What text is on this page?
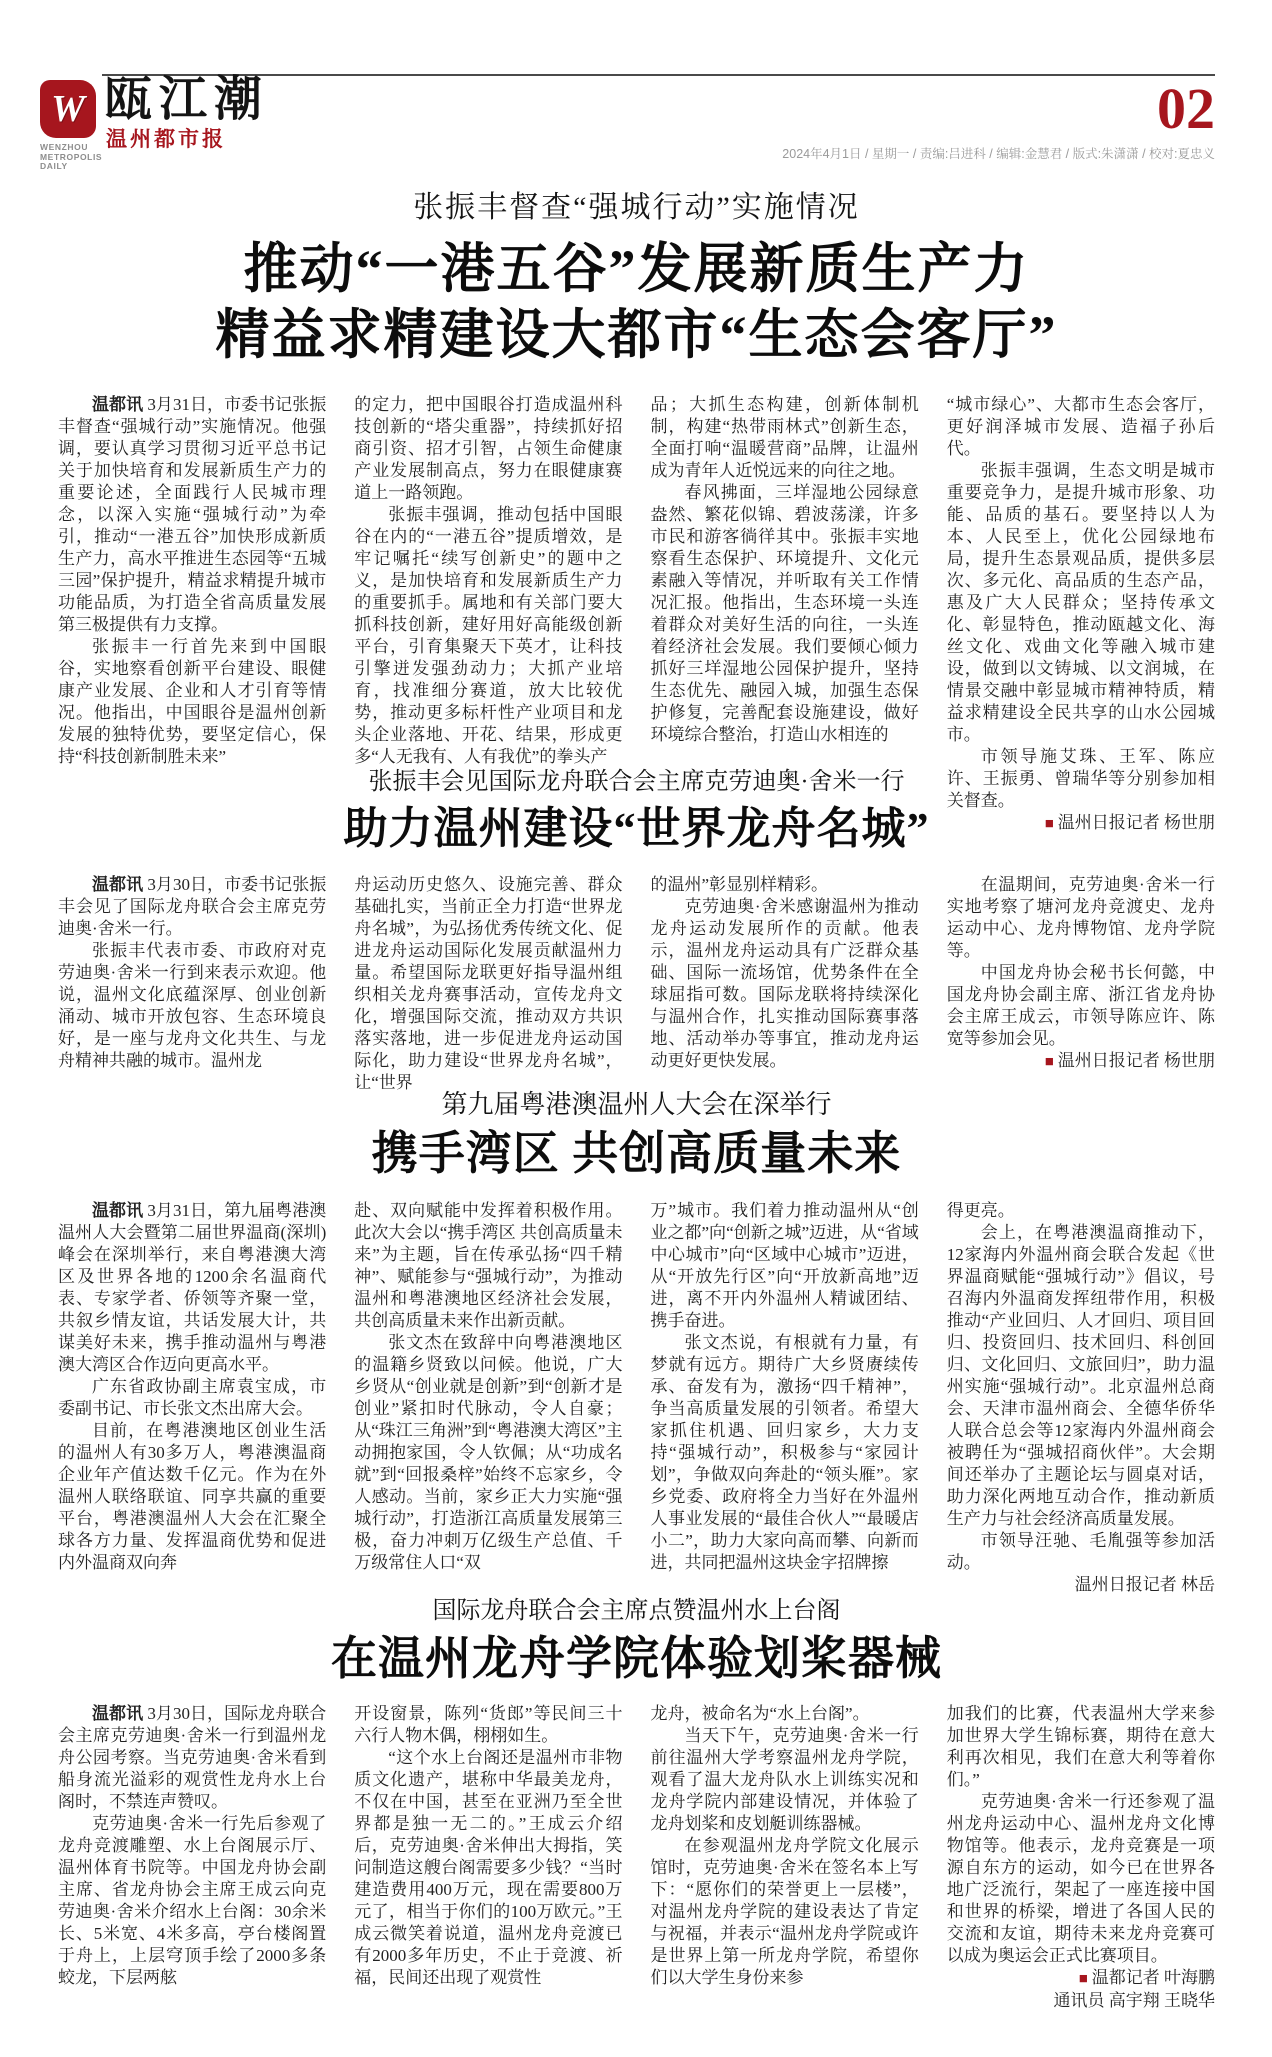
W
WENZHOU
METROPOLIS
DAILY
瓯江潮
温州都市报	02
2024年4月1日 / 星期一 / 责编:吕进科 / 编辑:金慧君 / 版式:朱潇潇 / 校对:夏忠义
张振丰督查“强城行动”实施情况
推动“一港五谷”发展新质生产力
精益求精建设大都市“生态会客厅”

温都讯 3月31日，市委书记张振丰督查“强城行动”实施情况。他强调，要认真学习贯彻习近平总书记关于加快培育和发展新质生产力的重要论述，全面践行人民城市理念，以深入实施“强城行动”为牵引，推动“一港五谷”加快形成新质生产力，高水平推进生态园等“五城三园”保护提升，精益求精提升城市功能品质，为打造全省高质量发展第三极提供有力支撑。

张振丰一行首先来到中国眼谷，实地察看创新平台建设、眼健康产业发展、企业和人才引育等情况。他指出，中国眼谷是温州创新发展的独特优势，要坚定信心，保持“科技创新制胜未来”

的定力，把中国眼谷打造成温州科技创新的“塔尖重器”，持续抓好招商引资、招才引智，占领生命健康产业发展制高点，努力在眼健康赛道上一路领跑。

张振丰强调，推动包括中国眼谷在内的“一港五谷”提质增效，是牢记嘱托“续写创新史”的题中之义，是加快培育和发展新质生产力的重要抓手。属地和有关部门要大抓科技创新，建好用好高能级创新平台，引育集聚天下英才，让科技引擎迸发强劲动力；大抓产业培育，找准细分赛道，放大比较优势，推动更多标杆性产业项目和龙头企业落地、开花、结果，形成更多“人无我有、人有我优”的拳头产

品；大抓生态构建，创新体制机制，构建“热带雨林式”创新生态，全面打响“温暖营商”品牌，让温州成为青年人近悦远来的向往之地。

春风拂面，三垟湿地公园绿意盎然、繁花似锦、碧波荡漾，许多市民和游客徜徉其中。张振丰实地察看生态保护、环境提升、文化元素融入等情况，并听取有关工作情况汇报。他指出，生态环境一头连着群众对美好生活的向往，一头连着经济社会发展。我们要倾心倾力抓好三垟湿地公园保护提升，坚持生态优先、融园入城，加强生态保护修复，完善配套设施建设，做好环境综合整治，打造山水相连的

“城市绿心”、大都市生态会客厅，更好润泽城市发展、造福子孙后代。

张振丰强调，生态文明是城市重要竞争力，是提升城市形象、功能、品质的基石。要坚持以人为本、人民至上，优化公园绿地布局，提升生态景观品质，提供多层次、多元化、高品质的生态产品，惠及广大人民群众；坚持传承文化、彰显特色，推动瓯越文化、海丝文化、戏曲文化等融入城市建设，做到以文铸城、以文润城，在情景交融中彰显城市精神特质，精益求精建设全民共享的山水公园城市。

市领导施艾珠、王军、陈应许、王振勇、曾瑞华等分别参加相关督查。

■ 温州日报记者 杨世朋

张振丰会见国际龙舟联合会主席克劳迪奥·舍米一行
助力温州建设“世界龙舟名城”

温都讯 3月30日，市委书记张振丰会见了国际龙舟联合会主席克劳迪奥·舍米一行。

张振丰代表市委、市政府对克劳迪奥·舍米一行到来表示欢迎。他说，温州文化底蕴深厚、创业创新涌动、城市开放包容、生态环境良好，是一座与龙舟文化共生、与龙舟精神共融的城市。温州龙

舟运动历史悠久、设施完善、群众基础扎实，当前正全力打造“世界龙舟名城”，为弘扬优秀传统文化、促进龙舟运动国际化发展贡献温州力量。希望国际龙联更好指导温州组织相关龙舟赛事活动，宣传龙舟文化，增强国际交流，推动双方共识落实落地，进一步促进龙舟运动国际化，助力建设“世界龙舟名城”，让“世界

的温州”彰显别样精彩。

克劳迪奥·舍米感谢温州为推动龙舟运动发展所作的贡献。他表示，温州龙舟运动具有广泛群众基础、国际一流场馆，优势条件在全球屈指可数。国际龙联将持续深化与温州合作，扎实推动国际赛事落地、活动举办等事宜，推动龙舟运动更好更快发展。

在温期间，克劳迪奥·舍米一行实地考察了塘河龙舟竞渡史、龙舟运动中心、龙舟博物馆、龙舟学院等。

中国龙舟协会秘书长何懿，中国龙舟协会副主席、浙江省龙舟协会主席王成云，市领导陈应许、陈宽等参加会见。

■ 温州日报记者 杨世朋

第九届粤港澳温州人大会在深举行
携手湾区 共创高质量未来

温都讯 3月31日，第九届粤港澳温州人大会暨第二届世界温商(深圳)峰会在深圳举行，来自粤港澳大湾区及世界各地的1200余名温商代表、专家学者、侨领等齐聚一堂，共叙乡情友谊，共话发展大计，共谋美好未来，携手推动温州与粤港澳大湾区合作迈向更高水平。

广东省政协副主席袁宝成，市委副书记、市长张文杰出席大会。

目前，在粤港澳地区创业生活的温州人有30多万人，粤港澳温商企业年产值达数千亿元。作为在外温州人联络联谊、同享共赢的重要平台，粤港澳温州人大会在汇聚全球各方力量、发挥温商优势和促进内外温商双向奔

赴、双向赋能中发挥着积极作用。此次大会以“携手湾区 共创高质量未来”为主题，旨在传承弘扬“四千精神”、赋能参与“强城行动”，为推动温州和粤港澳地区经济社会发展，共创高质量未来作出新贡献。

张文杰在致辞中向粤港澳地区的温籍乡贤致以问候。他说，广大乡贤从“创业就是创新”到“创新才是创业”紧扣时代脉动，令人自豪；从“珠江三角洲”到“粤港澳大湾区”主动拥抱家国，令人钦佩；从“功成名就”到“回报桑梓”始终不忘家乡，令人感动。当前，家乡正大力实施“强城行动”，打造浙江高质量发展第三极，奋力冲刺万亿级生产总值、千万级常住人口“双

万”城市。我们着力推动温州从“创业之都”向“创新之城”迈进，从“省域中心城市”向“区域中心城市”迈进，从“开放先行区”向“开放新高地”迈进，离不开内外温州人精诚团结、携手奋进。

张文杰说，有根就有力量，有梦就有远方。期待广大乡贤赓续传承、奋发有为，激扬“四千精神”，争当高质量发展的引领者。希望大家抓住机遇、回归家乡，大力支持“强城行动”，积极参与“家园计划”，争做双向奔赴的“领头雁”。家乡党委、政府将全力当好在外温州人事业发展的“最佳合伙人”“最暖店小二”，助力大家向高而攀、向新而进，共同把温州这块金字招牌擦

得更亮。

会上，在粤港澳温商推动下，12家海内外温州商会联合发起《世界温商赋能“强城行动”》倡议，号召海内外温商发挥纽带作用，积极推动“产业回归、人才回归、项目回归、投资回归、技术回归、科创回归、文化回归、文旅回归”，助力温州实施“强城行动”。北京温州总商会、天津市温州商会、全德华侨华人联合总会等12家海内外温州商会被聘任为“强城招商伙伴”。大会期间还举办了主题论坛与圆桌对话，助力深化两地互动合作，推动新质生产力与社会经济高质量发展。

市领导汪驰、毛胤强等参加活动。

温州日报记者 林岳

国际龙舟联合会主席点赞温州水上台阁
在温州龙舟学院体验划桨器械

温都讯 3月30日，国际龙舟联合会主席克劳迪奥·舍米一行到温州龙舟公园考察。当克劳迪奥·舍米看到船身流光溢彩的观赏性龙舟水上台阁时，不禁连声赞叹。

克劳迪奥·舍米一行先后参观了龙舟竞渡雕塑、水上台阁展示厅、温州体育书院等。中国龙舟协会副主席、省龙舟协会主席王成云向克劳迪奥·舍米介绍水上台阁：30余米长、5米宽、4米多高，亭台楼阁置于舟上，上层穹顶手绘了2000多条蛟龙，下层两舷

开设窗景，陈列“货郎”等民间三十六行人物木偶，栩栩如生。

“这个水上台阁还是温州市非物质文化遗产，堪称中华最美龙舟，不仅在中国，甚至在亚洲乃至全世界都是独一无二的。”王成云介绍后，克劳迪奥·舍米伸出大拇指，笑问制造这艘台阁需要多少钱？“当时建造费用400万元，现在需要800万元了，相当于你们的100万欧元。”王成云微笑着说道，温州龙舟竞渡已有2000多年历史，不止于竞渡、祈福，民间还出现了观赏性

龙舟，被命名为“水上台阁”。

当天下午，克劳迪奥·舍米一行前往温州大学考察温州龙舟学院，观看了温大龙舟队水上训练实况和龙舟学院内部建设情况，并体验了龙舟划桨和皮划艇训练器械。

在参观温州龙舟学院文化展示馆时，克劳迪奥·舍米在签名本上写下：“愿你们的荣誉更上一层楼”，对温州龙舟学院的建设表达了肯定与祝福，并表示“温州龙舟学院或许是世界上第一所龙舟学院，希望你们以大学生身份来参

加我们的比赛，代表温州大学来参加世界大学生锦标赛，期待在意大利再次相见，我们在意大利等着你们。”

克劳迪奥·舍米一行还参观了温州龙舟运动中心、温州龙舟文化博物馆等。他表示，龙舟竞赛是一项源自东方的运动，如今已在世界各地广泛流行，架起了一座连接中国和世界的桥梁，增进了各国人民的交流和友谊，期待未来龙舟竞赛可以成为奥运会正式比赛项目。

■ 温都记者 叶海鹏

通讯员 高宇翔 王晓华
